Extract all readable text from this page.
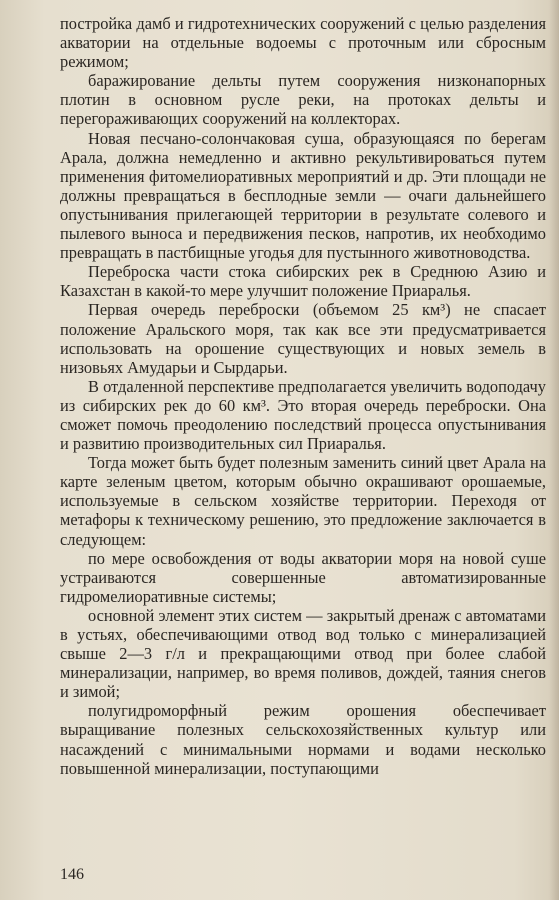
постройка дамб и гидротехнических сооружений с целью разделения акватории на отдельные водоемы с проточным или сбросным режимом;

баражирование дельты путем сооружения низконапорных плотин в основном русле реки, на протоках дельты и перегораживающих сооружений на коллекторах.

Новая песчано-солончаковая суша, образующаяся по берегам Арала, должна немедленно и активно рекультивироваться путем применения фитомелиоративных мероприятий и др. Эти площади не должны превращаться в бесплодные земли — очаги дальнейшего опустынивания прилегающей территории в результате солевого и пылевого выноса и передвижения песков, напротив, их необходимо превращать в пастбищные угодья для пустынного животноводства.

Переброска части стока сибирских рек в Среднюю Азию и Казахстан в какой-то мере улучшит положение Приаралья.

Первая очередь переброски (объемом 25 км³) не спасает положение Аральского моря, так как все эти предусматривается использовать на орошение существующих и новых земель в низовьях Амударьи и Сырдарьи.

В отдаленной перспективе предполагается увеличить водоподачу из сибирских рек до 60 км³. Это вторая очередь переброски. Она сможет помочь преодолению последствий процесса опустынивания и развитию производительных сил Приаралья.

Тогда может быть будет полезным заменить синий цвет Арала на карте зеленым цветом, которым обычно окрашивают орошаемые, используемые в сельском хозяйстве территории. Переходя от метафоры к техническому решению, это предложение заключается в следующем:

по мере освобождения от воды акватории моря на новой суше устраиваются совершенные автоматизированные гидромелиоративные системы;

основной элемент этих систем — закрытый дренаж с автоматами в устьях, обеспечивающими отвод вод только с минерализацией свыше 2—3 г/л и прекращающими отвод при более слабой минерализации, например, во время поливов, дождей, таяния снегов и зимой;

полугидроморфный режим орошения обеспечивает выращивание полезных сельскохозяйственных культур или насаждений с минимальными нормами и водами несколько повышенной минерализации, поступающими

146
